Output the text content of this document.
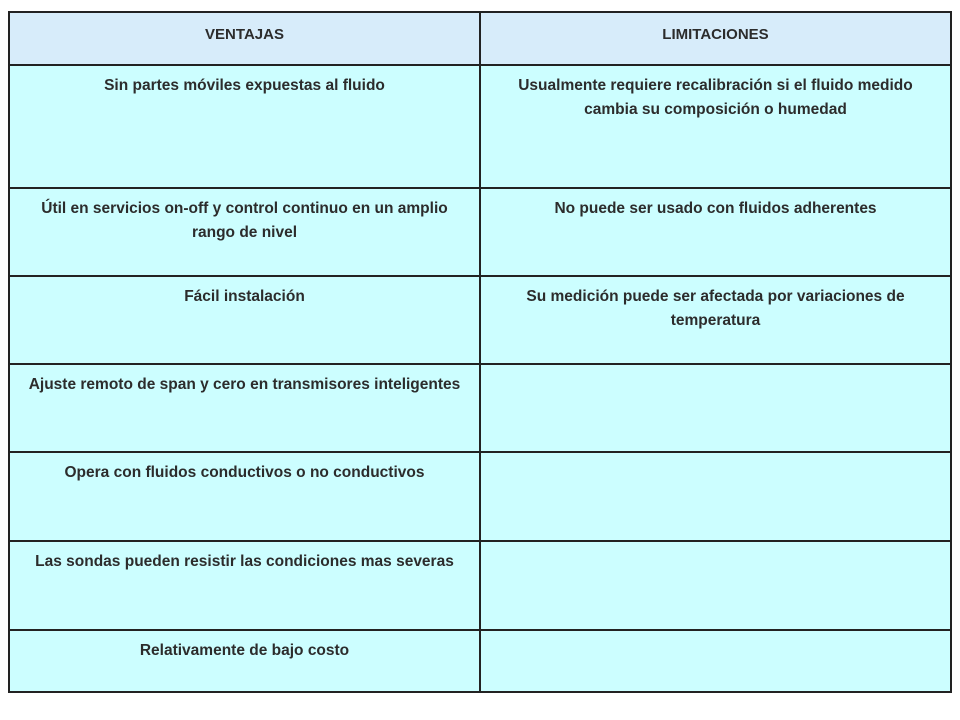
VENTAJAS	LIMITACIONES
Sin partes móviles expuestas al fluido	Usualmente requiere recalibración si el fluido medido cambia su composición o humedad
Útil en servicios on-off y control continuo en un amplio rango de nivel	No puede ser usado con fluidos adherentes
Fácil instalación	Su medición puede ser afectada por variaciones de temperatura
Ajuste remoto de span y cero en transmisores inteligentes	
Opera con fluidos conductivos o no conductivos	
Las sondas pueden resistir las condiciones mas severas	
Relativamente de bajo costo	
